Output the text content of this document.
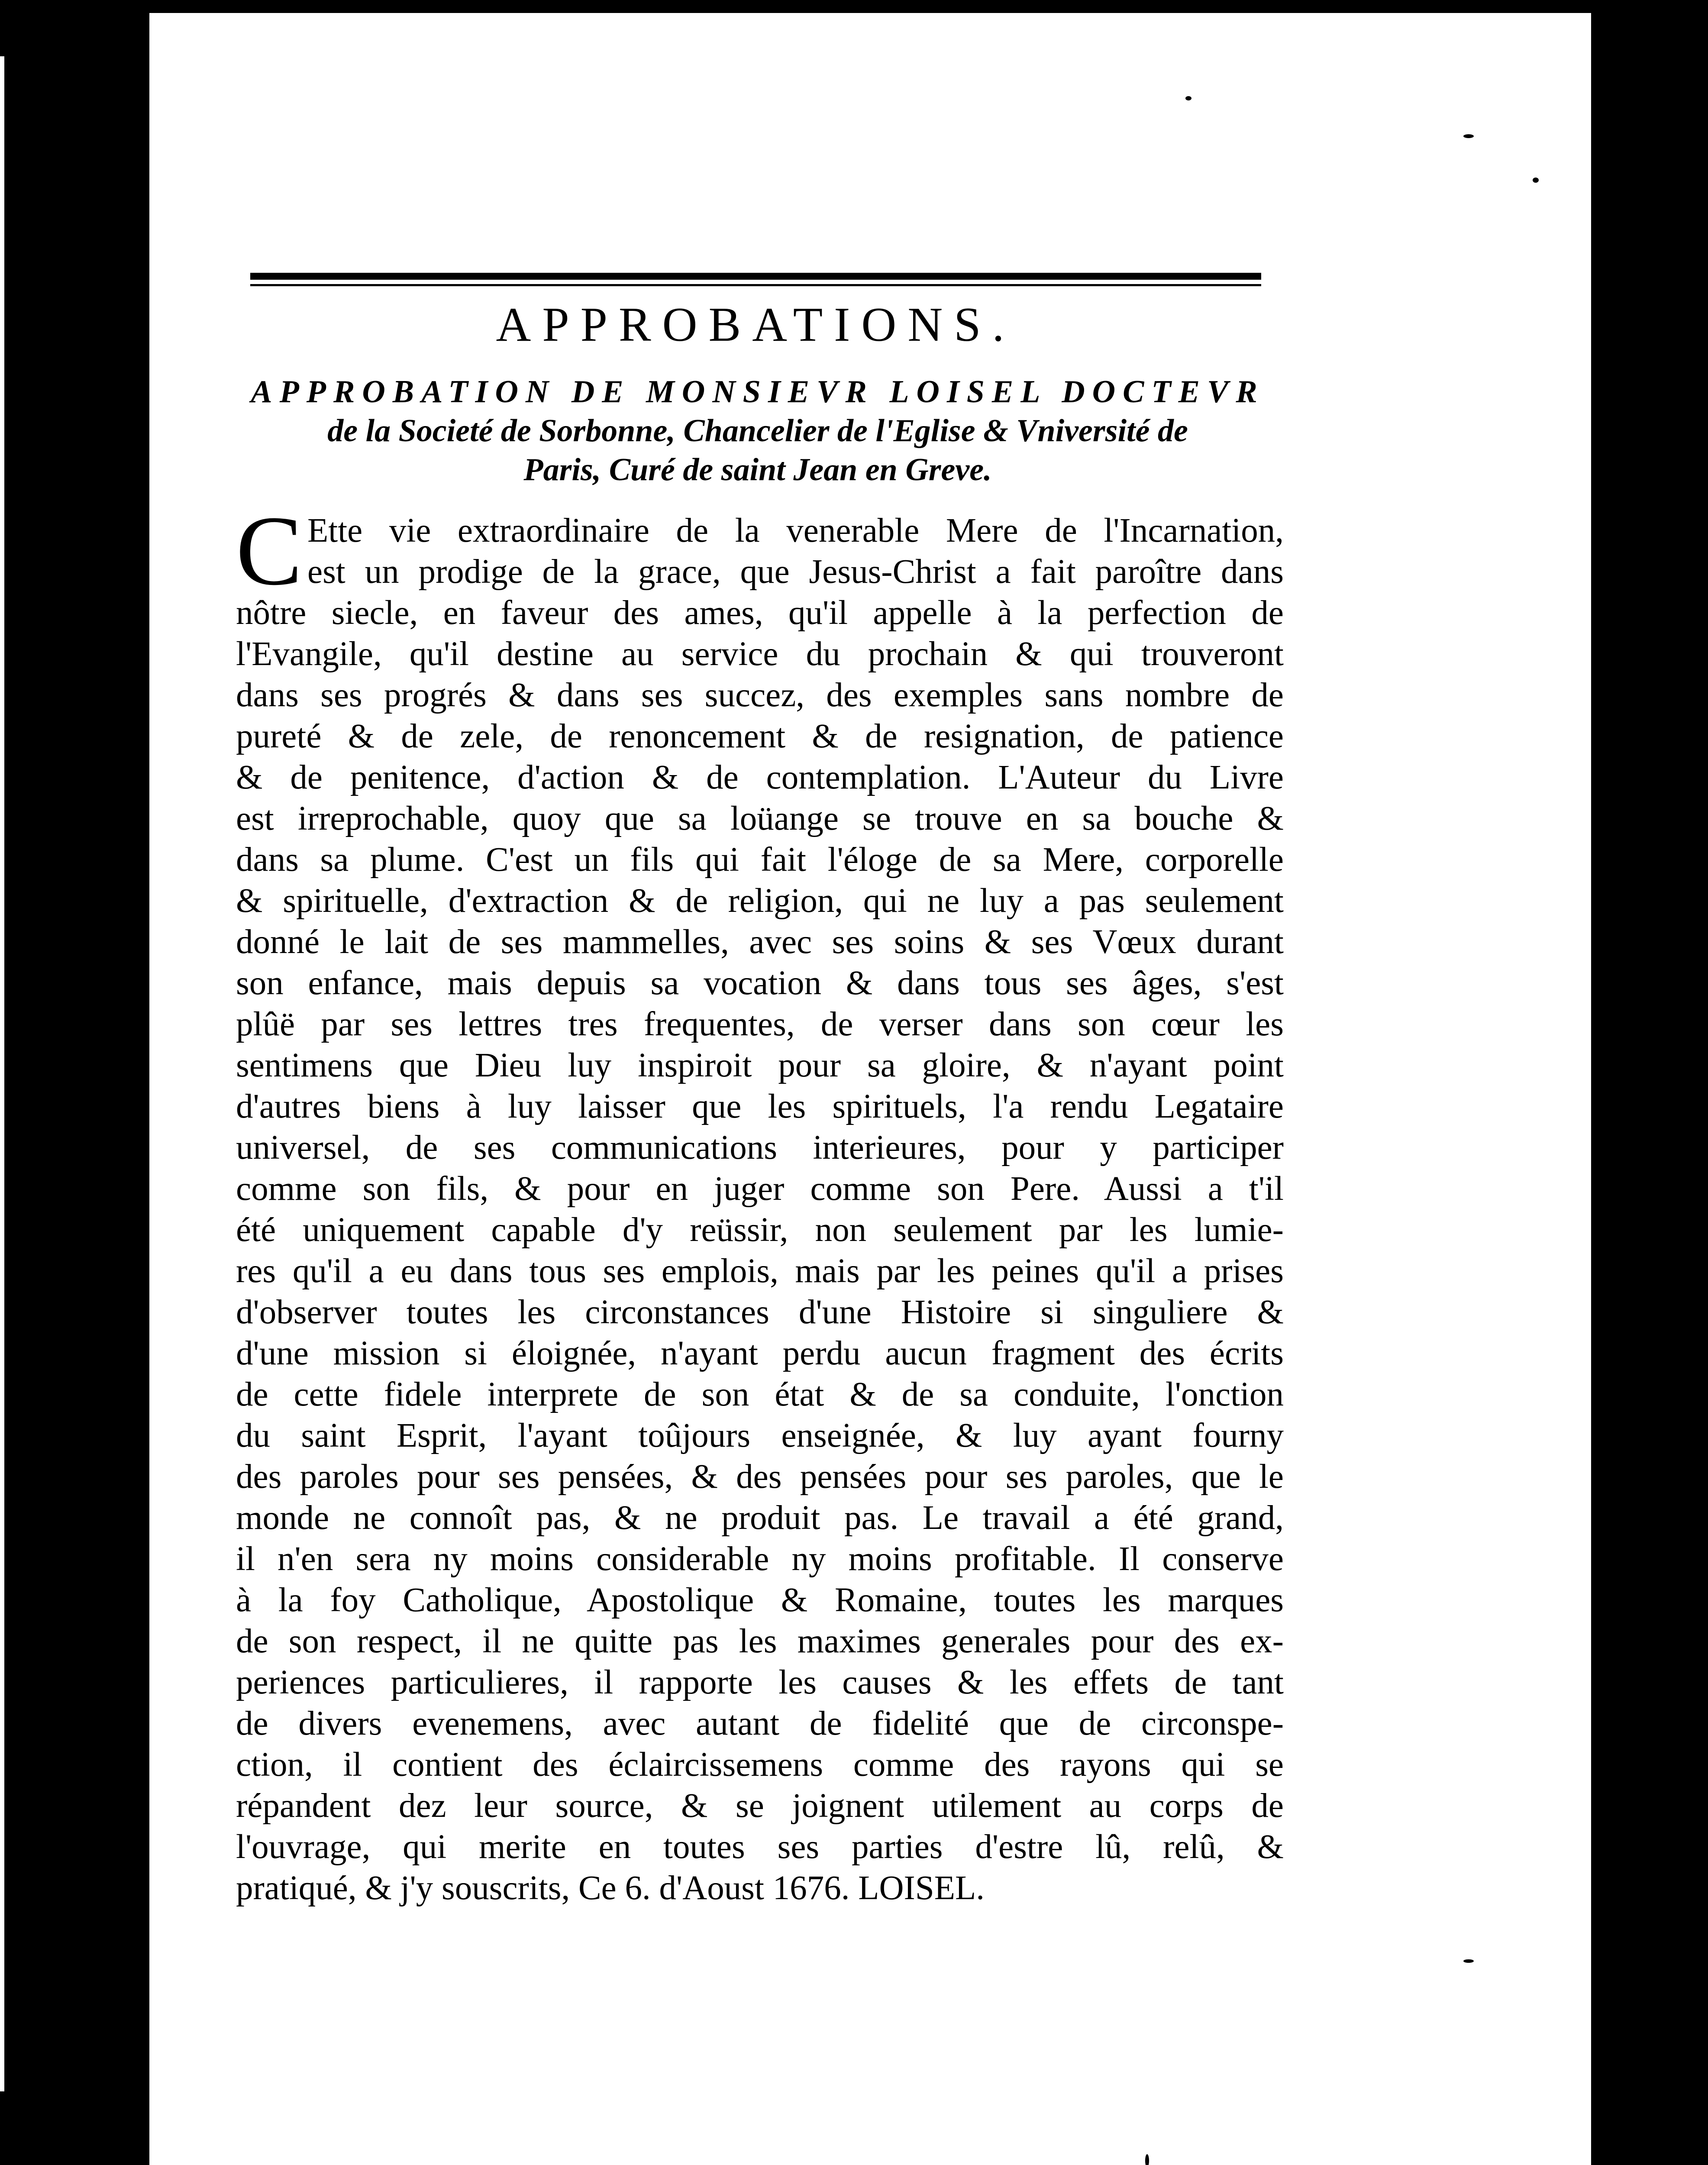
APPROBATIONS.
APPROBATION DE MONSIEVR LOISEL DOCTEVR
de la Societé de Sorbonne, Chancelier de l'Eglise & Vniversité de
Paris, Curé de saint Jean en Greve.
C Ette vie extraordinaire de la venerable Mere de l'Incarnation,
est un prodige de la grace, que Jesus-Christ a fait paroître dans
nôtre siecle, en faveur des ames, qu'il appelle à la perfection de
l'Evangile, qu'il destine au service du prochain & qui trouveront
dans ses progrés & dans ses succez, des exemples sans nombre de
pureté & de zele, de renoncement & de resignation, de patience
& de penitence, d'action & de contemplation. L'Auteur du Livre
est irreprochable, quoy que sa loüange se trouve en sa bouche &
dans sa plume. C'est un fils qui fait l'éloge de sa Mere, corporelle
& spirituelle, d'extraction & de religion, qui ne luy a pas seulement
donné le lait de ses mammelles, avec ses soins & ses Vœux durant
son enfance, mais depuis sa vocation & dans tous ses âges, s'est
plûë par ses lettres tres frequentes, de verser dans son cœur les
sentimens que Dieu luy inspiroit pour sa gloire, & n'ayant point
d'autres biens à luy laisser que les spirituels, l'a rendu Legataire
universel, de ses communications interieures, pour y participer
comme son fils, & pour en juger comme son Pere. Aussi a t'il
été uniquement capable d'y reüssir, non seulement par les lumie-
res qu'il a eu dans tous ses emplois, mais par les peines qu'il a prises
d'observer toutes les circonstances d'une Histoire si singuliere &
d'une mission si éloignée, n'ayant perdu aucun fragment des écrits
de cette fidele interprete de son état & de sa conduite, l'onction
du saint Esprit, l'ayant toûjours enseignée, & luy ayant fourny
des paroles pour ses pensées, & des pensées pour ses paroles, que le
monde ne connoît pas, & ne produit pas. Le travail a été grand,
il n'en sera ny moins considerable ny moins profitable. Il conserve
à la foy Catholique, Apostolique & Romaine, toutes les marques
de son respect, il ne quitte pas les maximes generales pour des ex-
periences particulieres, il rapporte les causes & les effets de tant
de divers evenemens, avec autant de fidelité que de circonspe-
ction, il contient des éclaircissemens comme des rayons qui se
répandent dez leur source, & se joignent utilement au corps de
l'ouvrage, qui merite en toutes ses parties d'estre lû, relû, &
pratiqué, & j'y souscrits, Ce 6. d'Aoust 1676. LOISEL.
